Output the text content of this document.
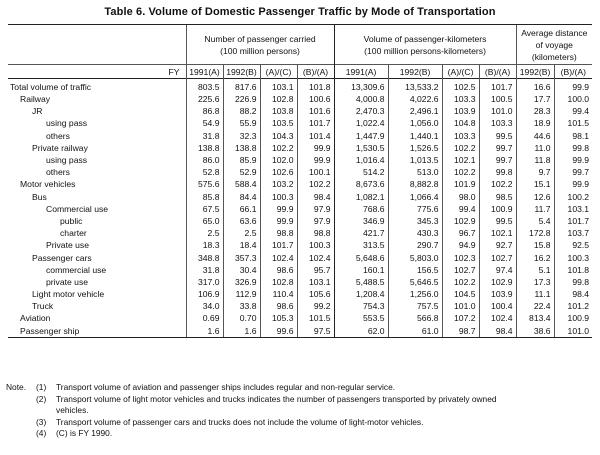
Table 6. Volume of Domestic Passenger Traffic by Mode of Transportation
	Number of passenger carried
(100 million persons)				Volume of passenger-kilometers
(100 million persons-kilometers)				Average distance
of voyage
(kilometers)	
FY	1991(A)	1992(B)	(A)/(C)	(B)/(A)	1991(A)	1992(B)	(A)/(C)	(B)/(A)	1992(B)	(B)/(A)
Total volume of traffic	803.5	817.6	103.1	101.8	13,309.6	13,533.2	102.5	101.7	16.6	99.9
Railway	225.6	226.9	102.8	100.6	4,000.8	4,022.6	103.3	100.5	17.7	100.0
JR	86.8	88.2	103.8	101.6	2,470.3	2,496.1	103.9	101.0	28.3	99.4
using pass	54.9	55.9	103.5	101.7	1,022.4	1,056.0	104.8	103.3	18.9	101.5
others	31.8	32.3	104.3	101.4	1,447.9	1,440.1	103.3	99.5	44.6	98.1
Private railway	138.8	138.8	102.2	99.9	1,530.5	1,526.5	102.2	99.7	11.0	99.8
using pass	86.0	85.9	102.0	99.9	1,016.4	1,013.5	102.1	99.7	11.8	99.9
others	52.8	52.9	102.6	100.1	514.2	513.0	102.2	99.8	9.7	99.7
Motor vehicles	575.6	588.4	103.2	102.2	8,673.6	8,882.8	101.9	102.2	15.1	99.9
Bus	85.8	84.4	100.3	98.4	1,082.1	1,066.4	98.0	98.5	12.6	100.2
Commercial use	67.5	66.1	99.9	97.9	768.6	775.6	99.4	100.9	11.7	103.1
public	65.0	63.6	99.9	97.9	346.9	345.3	102.9	99.5	5.4	101.7
charter	2.5	2.5	98.8	98.8	421.7	430.3	96.7	102.1	172.8	103.7
Private use	18.3	18.4	101.7	100.3	313.5	290.7	94.9	92.7	15.8	92.5
Passenger cars	348.8	357.3	102.4	102.4	5,648.6	5,803.0	102.3	102.7	16.2	100.3
commercial use	31.8	30.4	98.6	95.7	160.1	156.5	102.7	97.4	5.1	101.8
private use	317.0	326.9	102.8	103.1	5,488.5	5,646.5	102.2	102.9	17.3	99.8
Light motor vehicle	106.9	112.9	110.4	105.6	1,208.4	1,256.0	104.5	103.9	11.1	98.4
Truck	34.0	33.8	98.6	99.2	754.3	757.5	101.0	100.4	22.4	101.2
Aviation	0.69	0.70	105.3	101.5	553.5	566.8	107.2	102.4	813.4	100.9
Passenger ship	1.6	1.6	99.6	97.5	62.0	61.0	98.7	98.4	38.6	101.0
Note.	(1)	Transport volume of aviation and passenger ships includes regular and non-regular service.
(2)	Transport volume of light motor vehicles and trucks indicates the number of passengers transported by privately owned
vehicles.
(3)	Transport volume of passenger cars and trucks does not include the volume of light-motor vehicles.
(4)	(C) is FY 1990.
